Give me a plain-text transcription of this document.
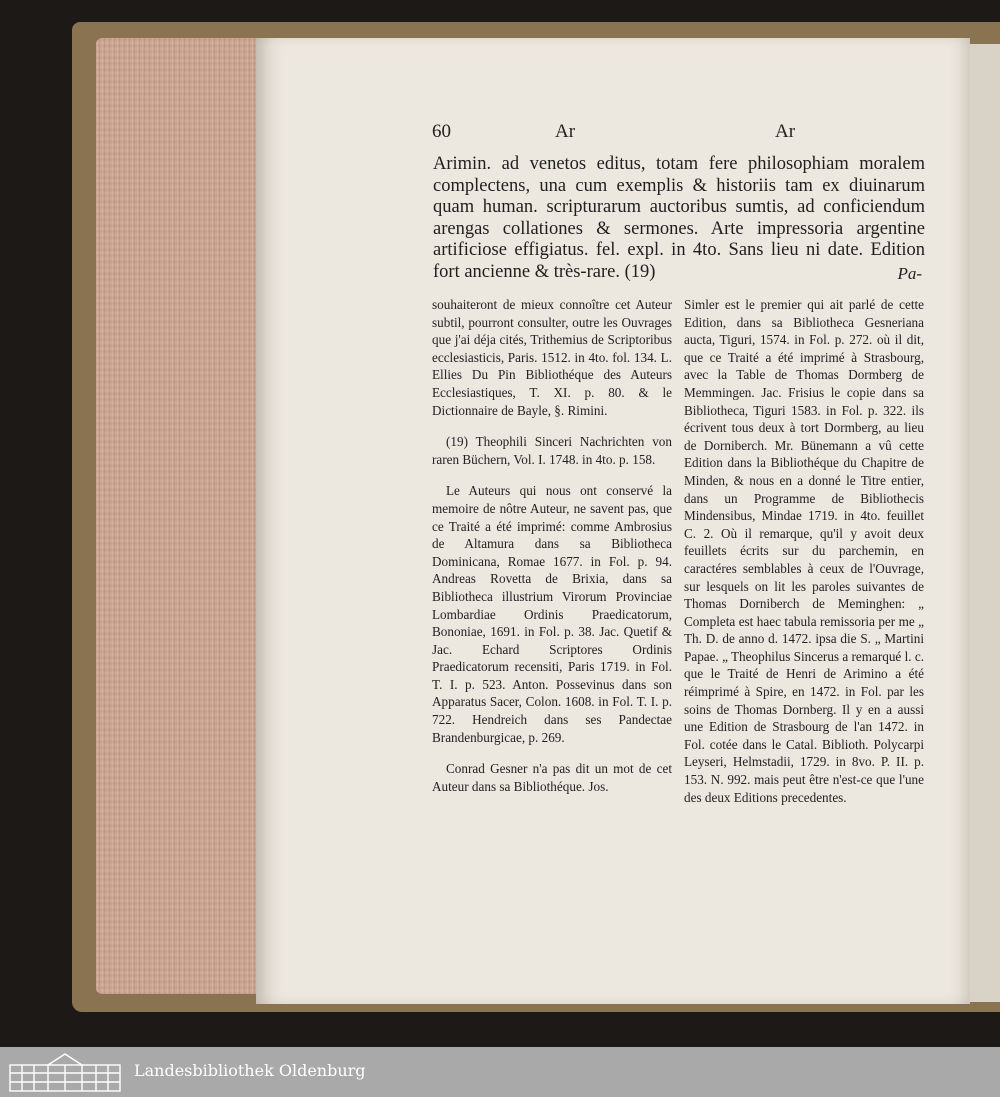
60	Ar	Ar
Arimin. ad venetos editus, totam fere philosophiam moralem complectens, una cum exemplis & historiis tam ex diuinarum quam human. scripturarum auctoribus sumtis, ad conficiendum arengas collationes & sermones. Arte impressoria argentine artificiose effigiatus. fel. expl. in 4to. Sans lieu ni date. Edition fort ancienne & très-rare. (19)	Pa-

souhaiteront de mieux connoître cet Auteur subtil, pourront consulter, outre les Ouvrages que j'ai déja cités, Trithemius de Scriptoribus ecclesiasticis, Paris. 1512. in 4to. fol. 134. L. Ellies Du Pin Bibliothéque des Auteurs Ecclesiastiques, T. XI. p. 80. & le Dictionnaire de Bayle, §. Rimini.

(19) Theophili Sinceri Nachrichten von raren Büchern, Vol. I. 1748. in 4to. p. 158.

Le Auteurs qui nous ont conservé la memoire de nôtre Auteur, ne savent pas, que ce Traité a été imprimé: comme Ambrosius de Altamura dans sa Bibliotheca Dominicana, Romae 1677. in Fol. p. 94. Andreas Rovetta de Brixia, dans sa Bibliotheca illustrium Virorum Provinciae Lombardiae Ordinis Praedicatorum, Bononiae, 1691. in Fol. p. 38. Jac. Quetif & Jac. Echard Scriptores Ordinis Praedicatorum recensiti, Paris 1719. in Fol. T. I. p. 523. Anton. Possevinus dans son Apparatus Sacer, Colon. 1608. in Fol. T. I. p. 722. Hendreich dans ses Pandectae Brandenburgicae, p. 269.

Conrad Gesner n'a pas dit un mot de cet Auteur dans sa Bibliothéque. Jos.

Simler est le premier qui ait parlé de cette Edition, dans sa Bibliotheca Gesneriana aucta, Tiguri, 1574. in Fol. p. 272. où il dit, que ce Traité a été imprimé à Strasbourg, avec la Table de Thomas Dormberg de Memmingen. Jac. Frisius le copie dans sa Bibliotheca, Tiguri 1583. in Fol. p. 322. ils écrivent tous deux à tort Dormberg, au lieu de Dorniberch. Mr. Bünemann a vû cette Edition dans la Bibliothéque du Chapitre de Minden, & nous en a donné le Titre entier, dans un Programme de Bibliothecis Mindensibus, Mindae 1719. in 4to. feuillet C. 2. Où il remarque, qu'il y avoit deux feuillets écrits sur du parchemin, en caractéres semblables à ceux de l'Ouvrage, sur lesquels on lit les paroles suivantes de Thomas Dorniberch de Meminghen: „ Completa est haec tabula remissoria per me „ Th. D. de anno d. 1472. ipsa die S. „ Martini Papae. „ Theophilus Sincerus a remarqué l. c. que le Traité de Henri de Arimino a été réimprimé à Spire, en 1472. in Fol. par les soins de Thomas Dornberg. Il y en a aussi une Edition de Strasbourg de l'an 1472. in Fol. cotée dans le Catal. Biblioth. Polycarpi Leyseri, Helmstadii, 1729. in 8vo. P. II. p. 153. N. 992. mais peut être n'est-ce que l'une des deux Editions precedentes.

Landesbibliothek Oldenburg
